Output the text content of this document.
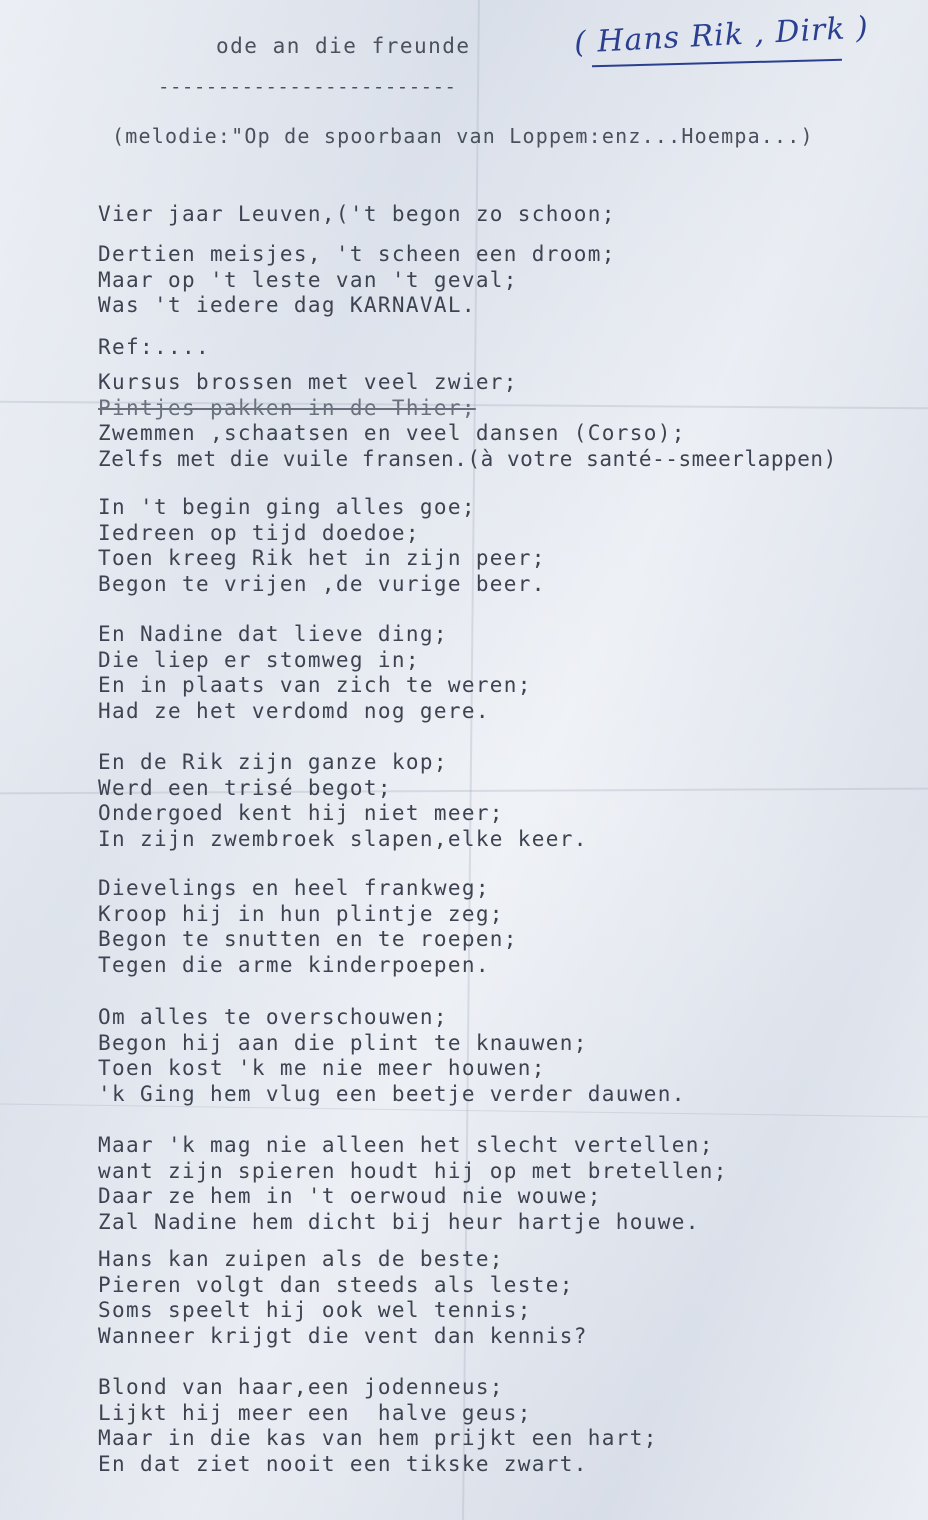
ode an die freunde
-------------------------
(melodie:"Op de spoorbaan van Loppem:enz...Hoempa...)
( Hans Rik , Dirk )
Vier jaar Leuven,('t begon zo schoon;
Dertien meisjes, 't scheen een droom;
Maar op 't leste van 't geval;
Was 't iedere dag KARNAVAL.
Ref:....
Kursus brossen met veel zwier;
Pintjes pakken in de Thier;
Zwemmen ,schaatsen en veel dansen (Corso);
Zelfs met die vuile fransen.(à votre santé--smeerlappen)
In 't begin ging alles goe;
Iedreen op tijd doedoe;
Toen kreeg Rik het in zijn peer;
Begon te vrijen ,de vurige beer.
En Nadine dat lieve ding;
Die liep er stomweg in;
En in plaats van zich te weren;
Had ze het verdomd nog gere.
En de Rik zijn ganze kop;
Werd een trisé begot;
Ondergoed kent hij niet meer;
In zijn zwembroek slapen,elke keer.
Dievelings en heel frankweg;
Kroop hij in hun plintje zeg;
Begon te snutten en te roepen;
Tegen die arme kinderpoepen.
Om alles te overschouwen;
Begon hij aan die plint te knauwen;
Toen kost 'k me nie meer houwen;
'k Ging hem vlug een beetje verder dauwen.
Maar 'k mag nie alleen het slecht vertellen;
want zijn spieren houdt hij op met bretellen;
Daar ze hem in 't oerwoud nie wouwe;
Zal Nadine hem dicht bij heur hartje houwe.
Hans kan zuipen als de beste;
Pieren volgt dan steeds als leste;
Soms speelt hij ook wel tennis;
Wanneer krijgt die vent dan kennis?
Blond van haar,een jodenneus;
Lijkt hij meer een  halve geus;
Maar in die kas van hem prijkt een hart;
En dat ziet nooit een tikske zwart.
